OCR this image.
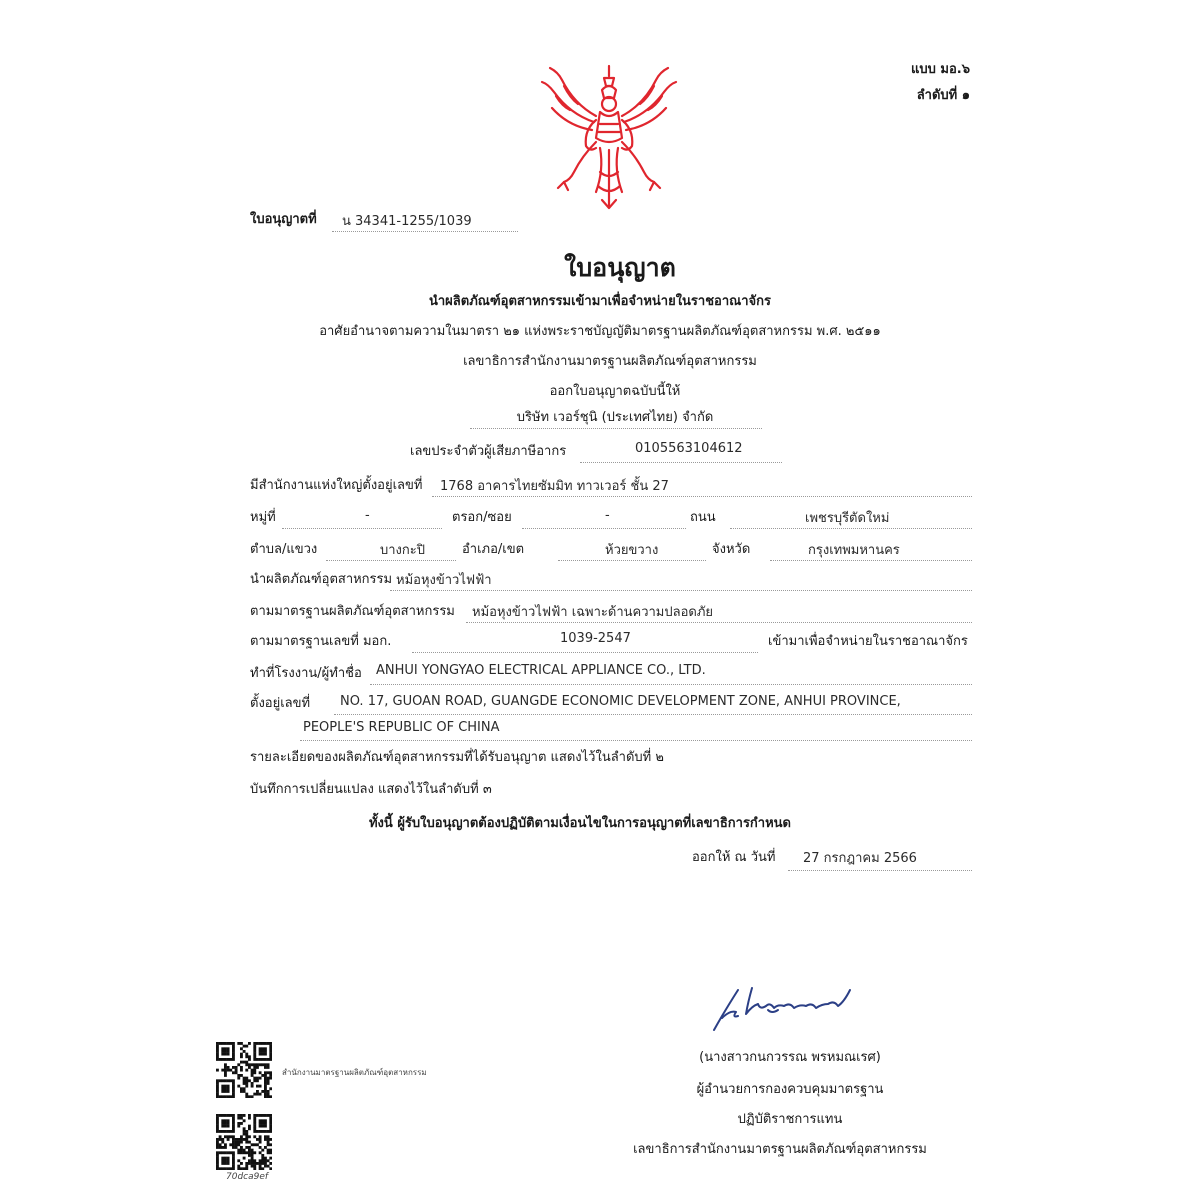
แบบ มอ.๖
ลำดับที่ ๑
ใบอนุญาตที่ น 34341-1255/1039
ใบอนุญาต
นำผลิตภัณฑ์อุตสาหกรรมเข้ามาเพื่อจำหน่ายในราชอาณาจักร
อาศัยอำนาจตามความในมาตรา ๒๑ แห่งพระราชบัญญัติมาตรฐานผลิตภัณฑ์อุตสาหกรรม พ.ศ. ๒๕๑๑
เลขาธิการสำนักงานมาตรฐานผลิตภัณฑ์อุตสาหกรรม
ออกใบอนุญาตฉบับนี้ให้
บริษัท เวอร์ชุนิ (ประเทศไทย) จำกัด
เลขประจำตัวผู้เสียภาษีอากร	0105563104612
มีสำนักงานแห่งใหญ่ตั้งอยู่เลขที่ 1768 อาคารไทยซัมมิท ทาวเวอร์ ชั้น 27
หมู่ที่	-	ตรอก/ซอย	-	ถนน	เพชรบุรีตัดใหม่
ตำบล/แขวง	บางกะปิ	อำเภอ/เขต	ห้วยขวาง	จังหวัด	กรุงเทพมหานคร
นำผลิตภัณฑ์อุตสาหกรรม หม้อหุงข้าวไฟฟ้า
ตามมาตรฐานผลิตภัณฑ์อุตสาหกรรม หม้อหุงข้าวไฟฟ้า เฉพาะด้านความปลอดภัย
ตามมาตรฐานเลขที่ มอก.	1039-2547	เข้ามาเพื่อจำหน่ายในราชอาณาจักร
ทำที่โรงงาน/ผู้ทำชื่อ ANHUI YONGYAO ELECTRICAL APPLIANCE CO., LTD.
ตั้งอยู่เลขที่ NO. 17, GUOAN ROAD, GUANGDE ECONOMIC DEVELOPMENT ZONE, ANHUI PROVINCE,
PEOPLE'S REPUBLIC OF CHINA
รายละเอียดของผลิตภัณฑ์อุตสาหกรรมที่ได้รับอนุญาต แสดงไว้ในลำดับที่ ๒
บันทึกการเปลี่ยนแปลง แสดงไว้ในลำดับที่ ๓
ทั้งนี้ ผู้รับใบอนุญาตต้องปฏิบัติตามเงื่อนไขในการอนุญาตที่เลขาธิการกำหนด
ออกให้ ณ วันที่ 27 กรกฎาคม 2566
(นางสาวกนกวรรณ พรหมณเรศ)
ผู้อำนวยการกองควบคุมมาตรฐาน
ปฏิบัติราชการแทน
เลขาธิการสำนักงานมาตรฐานผลิตภัณฑ์อุตสาหกรรม
สำนักงานมาตรฐานผลิตภัณฑ์อุตสาหกรรม
70dca9ef
